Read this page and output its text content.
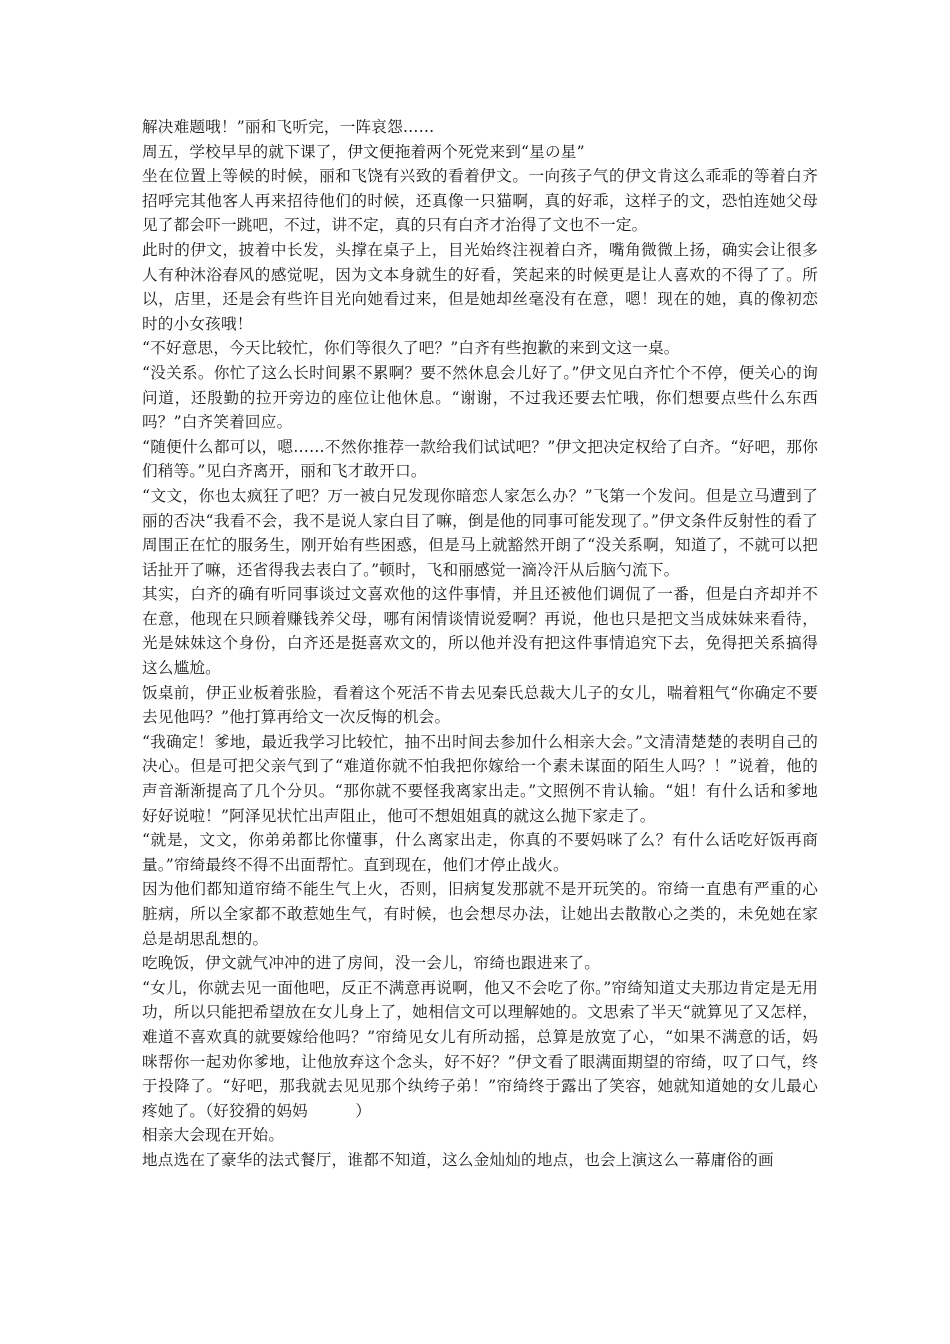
解决难题哦！”丽和飞听完，一阵哀怨……

周五，学校早早的就下课了，伊文便拖着两个死党来到“星の星”

坐在位置上等候的时候，丽和飞饶有兴致的看着伊文。一向孩子气的伊文肯这么乖乖的等着白齐招呼完其他客人再来招待他们的时候，还真像一只猫啊，真的好乖，这样子的文，恐怕连她父母见了都会吓一跳吧，不过，讲不定，真的只有白齐才治得了文也不一定。

此时的伊文，披着中长发，头撑在桌子上，目光始终注视着白齐，嘴角微微上扬，确实会让很多人有种沐浴春风的感觉呢，因为文本身就生的好看，笑起来的时候更是让人喜欢的不得了了。所以，店里，还是会有些许目光向她看过来，但是她却丝毫没有在意，嗯！现在的她，真的像初恋时的小女孩哦！

“不好意思，今天比较忙，你们等很久了吧？”白齐有些抱歉的来到文这一桌。

“没关系。你忙了这么长时间累不累啊？要不然休息会儿好了。”伊文见白齐忙个不停，便关心的询问道，还殷勤的拉开旁边的座位让他休息。“谢谢，不过我还要去忙哦，你们想要点些什么东西吗？”白齐笑着回应。

“随便什么都可以，嗯……不然你推荐一款给我们试试吧？”伊文把决定权给了白齐。“好吧，那你们稍等。”见白齐离开，丽和飞才敢开口。

“文文，你也太疯狂了吧？万一被白兄发现你暗恋人家怎么办？”飞第一个发问。但是立马遭到了丽的否决“我看不会，我不是说人家白目了嘛，倒是他的同事可能发现了。”伊文条件反射性的看了周围正在忙的服务生，刚开始有些困惑，但是马上就豁然开朗了“没关系啊，知道了，不就可以把话扯开了嘛，还省得我去表白了。”顿时，飞和丽感觉一滴冷汗从后脑勺流下。

其实，白齐的确有听同事谈过文喜欢他的这件事情，并且还被他们调侃了一番，但是白齐却并不在意，他现在只顾着赚钱养父母，哪有闲情谈情说爱啊？再说，他也只是把文当成妹妹来看待，光是妹妹这个身份，白齐还是挺喜欢文的，所以他并没有把这件事情追究下去，免得把关系搞得这么尴尬。

饭桌前，伊正业板着张脸，看着这个死活不肯去见秦氏总裁大儿子的女儿，喘着粗气“你确定不要去见他吗？”他打算再给文一次反悔的机会。

“我确定！爹地，最近我学习比较忙，抽不出时间去参加什么相亲大会。”文清清楚楚的表明自己的决心。但是可把父亲气到了“难道你就不怕我把你嫁给一个素未谋面的陌生人吗？！”说着，他的声音渐渐提高了几个分贝。“那你就不要怪我离家出走。”文照例不肯认输。“姐！有什么话和爹地好好说啦！”阿泽见状忙出声阻止，他可不想姐姐真的就这么抛下家走了。

“就是，文文，你弟弟都比你懂事，什么离家出走，你真的不要妈咪了么？有什么话吃好饭再商量。”帘绮最终不得不出面帮忙。直到现在，他们才停止战火。

因为他们都知道帘绮不能生气上火，否则，旧病复发那就不是开玩笑的。帘绮一直患有严重的心脏病，所以全家都不敢惹她生气，有时候，也会想尽办法，让她出去散散心之类的，未免她在家总是胡思乱想的。

吃晚饭，伊文就气冲冲的进了房间，没一会儿，帘绮也跟进来了。

“女儿，你就去见一面他吧，反正不满意再说啊，他又不会吃了你。”帘绮知道丈夫那边肯定是无用功，所以只能把希望放在女儿身上了，她相信文可以理解她的。文思索了半天“就算见了又怎样，难道不喜欢真的就要嫁给他吗？”帘绮见女儿有所动摇，总算是放宽了心，“如果不满意的话，妈咪帮你一起劝你爹地，让他放弃这个念头，好不好？”伊文看了眼满面期望的帘绮，叹了口气，终于投降了。“好吧，那我就去见见那个纨绔子弟！”帘绮终于露出了笑容，她就知道她的女儿最心疼她了。（好狡猾的妈妈　　　）

相亲大会现在开始。

地点选在了豪华的法式餐厅，谁都不知道，这么金灿灿的地点，也会上演这么一幕庸俗的画
